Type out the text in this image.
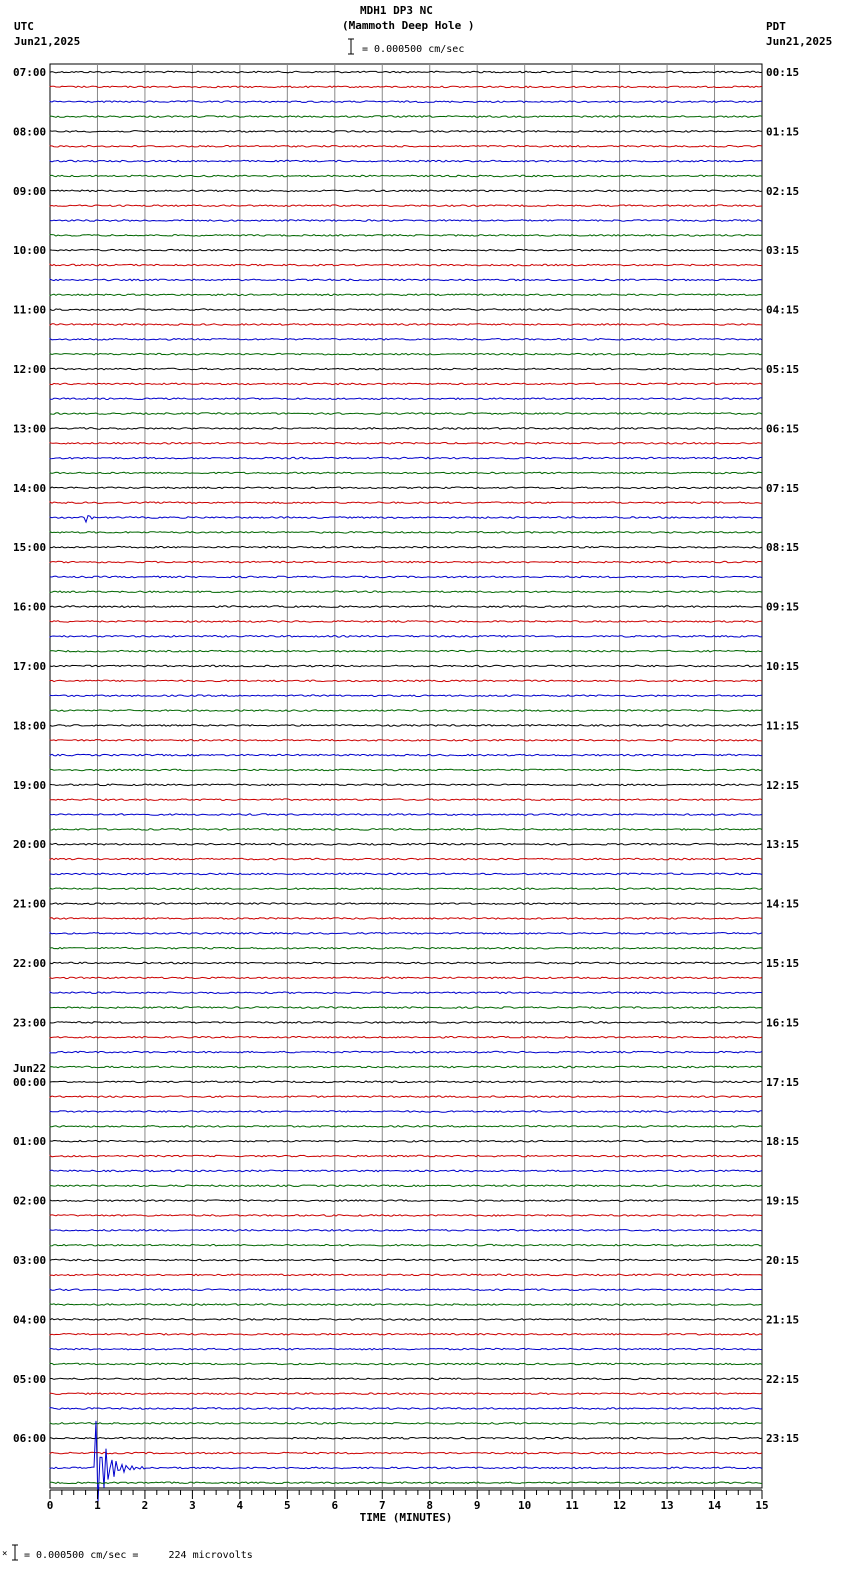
MDH1 DP3 NC
(Mammoth Deep Hole )
= 0.000500 cm/sec
UTC
Jun21,2025
PDT
Jun21,2025
07:00	00:15
08:00	01:15
09:00	02:15
10:00	03:15
11:00	04:15
12:00	05:15
13:00	06:15
14:00	07:15
15:00	08:15
16:00	09:15
17:00	10:15
18:00	11:15
19:00	12:15
20:00	13:15
21:00	14:15
22:00	15:15
23:00	16:15
00:00	17:15
01:00	18:15
02:00	19:15
03:00	20:15
04:00	21:15
05:00	22:15
06:00	23:15
Jun22
0	1	2	3	4	5	6	7	8	9	10	11	12	13	14	15
TIME (MINUTES)
× = 0.000500 cm/sec =     224 microvolts
